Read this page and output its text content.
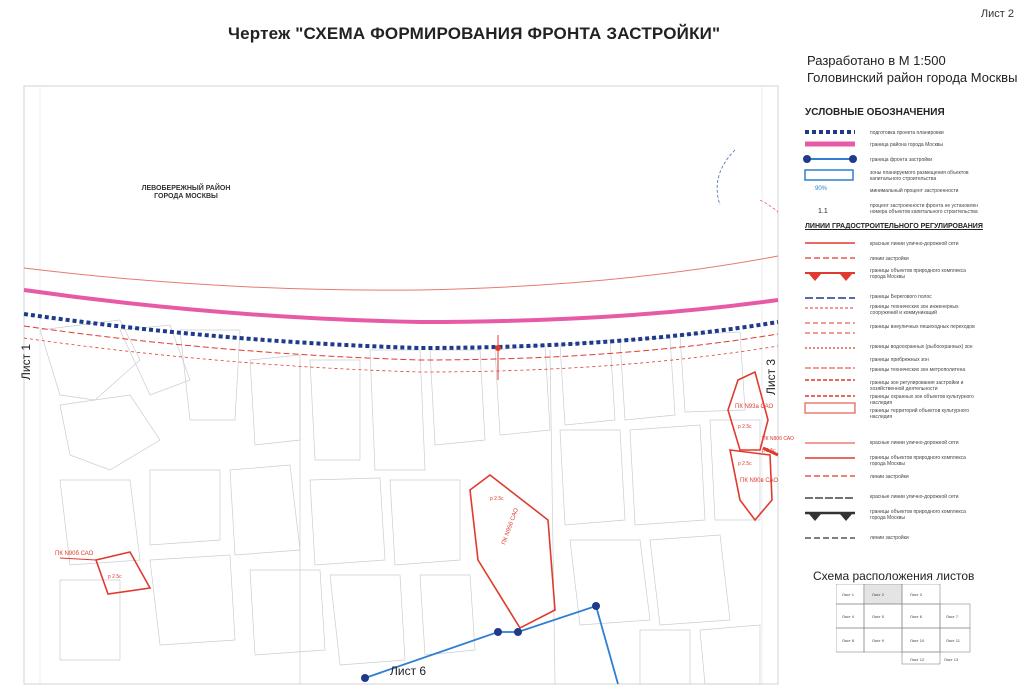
Лист 2
Чертеж "СХЕМА ФОРМИРОВАНИЯ ФРОНТА ЗАСТРОЙКИ"
Разработано в М 1:500
Головинский район города Москвы
ЛЕВОБЕРЕЖНЫЙ РАЙОН
ГОРОДА МОСКВЫ
Лист 1	Лист 3
Лист 6
ПК N90б САО
р 2.5с
ПК N95б САО
р 2.5с
ПК N93а САО
р 2.5с
ПК N90в САО
р 2.5с
ПК N80б САО
р 2.5с
УСЛОВНЫЕ ОБОЗНАЧЕНИЯ
подготовка проекта планировки
граница района города Москвы
граница фронта застройки
зоны планируемого размещения объектов капитального строительства
минимальный процент застроенности
процент застроенности фронта не установлен номера объектов капитального строительства
90%
1.1
ЛИНИИ ГРАДОСТРОИТЕЛЬНОГО РЕГУЛИРОВАНИЯ
красные линии улично-дорожной сети
линии застройки
границы объектов природного комплекса города Москвы
границы Берегового полос
границы технических зон инженерных сооружений и коммуникаций
границы внеуличных пешеходных переходов
границы водоохранных (рыбоохранных) зон
границы прибрежных зон
границы технических зон метрополитена
границы зон регулирования застройки и хозяйственной деятельности
границы охранных зон объектов культурного наследия
границы территорий объектов культурного наследия
красные линии улично-дорожной сети
границы объектов природного комплекса города Москвы
линии застройки
красные линии улично-дорожной сети
границы объектов природного комплекса города Москвы
линии застройки
Схема расположения листов
Лист 1	Лист 2	Лист 3
Лист 4	Лист 5	Лист 6	Лист 7
Лист 8	Лист 9	Лист 10	Лист 11
Лист 12	Лист 13
